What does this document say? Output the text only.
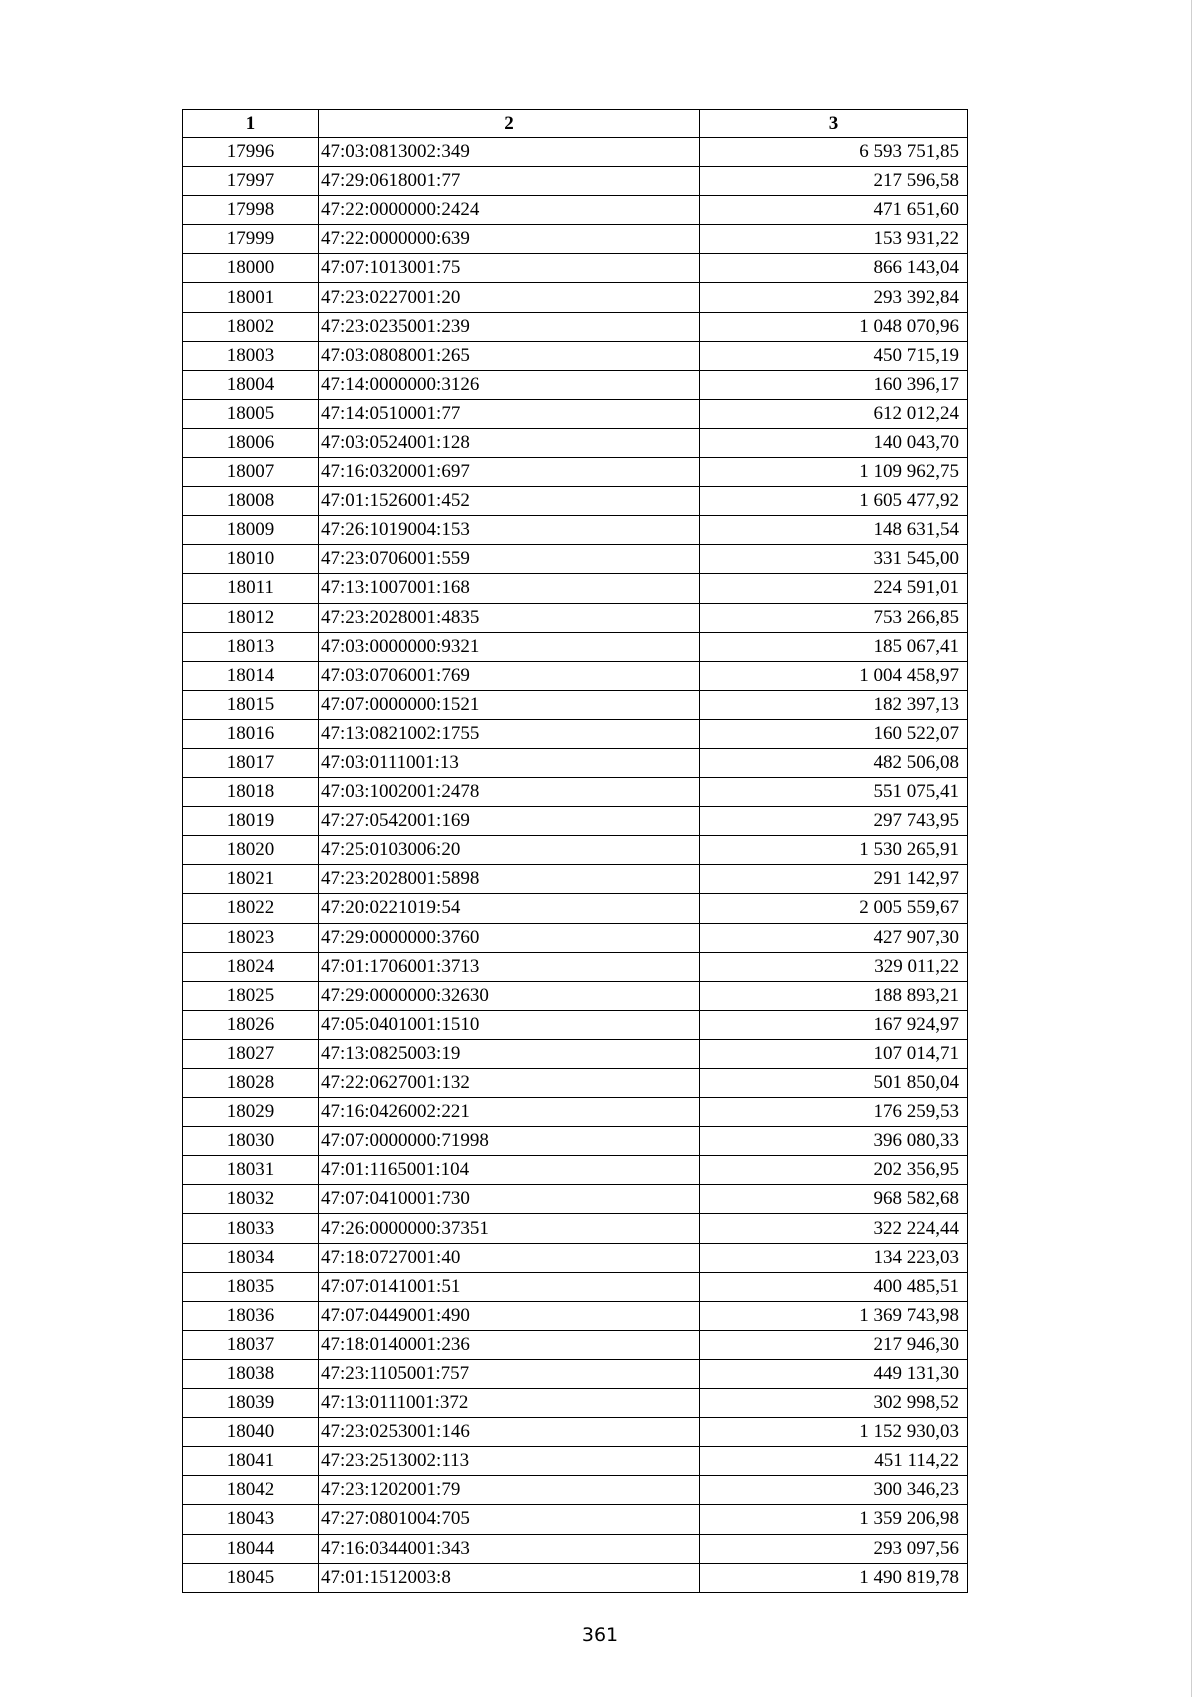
1	2	3
17996	47:03:0813002:349	6 593 751,85
17997	47:29:0618001:77	217 596,58
17998	47:22:0000000:2424	471 651,60
17999	47:22:0000000:639	153 931,22
18000	47:07:1013001:75	866 143,04
18001	47:23:0227001:20	293 392,84
18002	47:23:0235001:239	1 048 070,96
18003	47:03:0808001:265	450 715,19
18004	47:14:0000000:3126	160 396,17
18005	47:14:0510001:77	612 012,24
18006	47:03:0524001:128	140 043,70
18007	47:16:0320001:697	1 109 962,75
18008	47:01:1526001:452	1 605 477,92
18009	47:26:1019004:153	148 631,54
18010	47:23:0706001:559	331 545,00
18011	47:13:1007001:168	224 591,01
18012	47:23:2028001:4835	753 266,85
18013	47:03:0000000:9321	185 067,41
18014	47:03:0706001:769	1 004 458,97
18015	47:07:0000000:1521	182 397,13
18016	47:13:0821002:1755	160 522,07
18017	47:03:0111001:13	482 506,08
18018	47:03:1002001:2478	551 075,41
18019	47:27:0542001:169	297 743,95
18020	47:25:0103006:20	1 530 265,91
18021	47:23:2028001:5898	291 142,97
18022	47:20:0221019:54	2 005 559,67
18023	47:29:0000000:3760	427 907,30
18024	47:01:1706001:3713	329 011,22
18025	47:29:0000000:32630	188 893,21
18026	47:05:0401001:1510	167 924,97
18027	47:13:0825003:19	107 014,71
18028	47:22:0627001:132	501 850,04
18029	47:16:0426002:221	176 259,53
18030	47:07:0000000:71998	396 080,33
18031	47:01:1165001:104	202 356,95
18032	47:07:0410001:730	968 582,68
18033	47:26:0000000:37351	322 224,44
18034	47:18:0727001:40	134 223,03
18035	47:07:0141001:51	400 485,51
18036	47:07:0449001:490	1 369 743,98
18037	47:18:0140001:236	217 946,30
18038	47:23:1105001:757	449 131,30
18039	47:13:0111001:372	302 998,52
18040	47:23:0253001:146	1 152 930,03
18041	47:23:2513002:113	451 114,22
18042	47:23:1202001:79	300 346,23
18043	47:27:0801004:705	1 359 206,98
18044	47:16:0344001:343	293 097,56
18045	47:01:1512003:8	1 490 819,78
361
